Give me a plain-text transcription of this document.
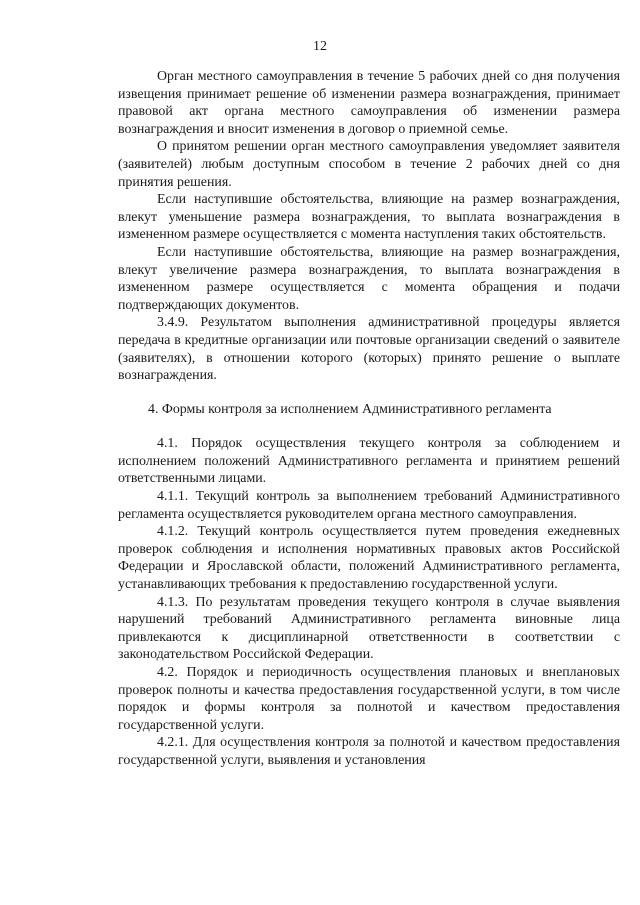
12

Орган местного самоуправления в течение 5 рабочих дней со дня получения извещения принимает решение об изменении размера вознаграждения, принимает правовой акт органа местного самоуправления об изменении размера вознаграждения и вносит изменения в договор о приемной семье.

О принятом решении орган местного самоуправления уведомляет заявителя (заявителей) любым доступным способом в течение 2 рабочих дней со дня принятия решения.

Если наступившие обстоятельства, влияющие на размер вознаграждения, влекут уменьшение размера вознаграждения, то выплата вознаграждения в измененном размере осуществляется с момента наступления таких обстоятельств.

Если наступившие обстоятельства, влияющие на размер вознаграждения, влекут увеличение размера вознаграждения, то выплата вознаграждения в измененном размере осуществляется с момента обращения и подачи подтверждающих документов.

3.4.9. Результатом выполнения административной процедуры является передача в кредитные организации или почтовые организации сведений о заявителе (заявителях), в отношении которого (которых) принято решение о выплате вознаграждения.

4. Формы контроля за исполнением Административного регламента

4.1. Порядок осуществления текущего контроля за соблюдением и исполнением положений Административного регламента и принятием решений ответственными лицами.

4.1.1. Текущий контроль за выполнением требований Административного регламента осуществляется руководителем органа местного самоуправления.

4.1.2. Текущий контроль осуществляется путем проведения ежедневных проверок соблюдения и исполнения нормативных правовых актов Российской Федерации и Ярославской области, положений Административного регламента, устанавливающих требования к предоставлению государственной услуги.

4.1.3. По результатам проведения текущего контроля в случае выявления нарушений требований Административного регламента виновные лица привлекаются к дисциплинарной ответственности в соответствии с законодательством Российской Федерации.

4.2. Порядок и периодичность осуществления плановых и внеплановых проверок полноты и качества предоставления государственной услуги, в том числе порядок и формы контроля за полнотой и качеством предоставления государственной услуги.

4.2.1. Для осуществления контроля за полнотой и качеством предоставления государственной услуги, выявления и установления
